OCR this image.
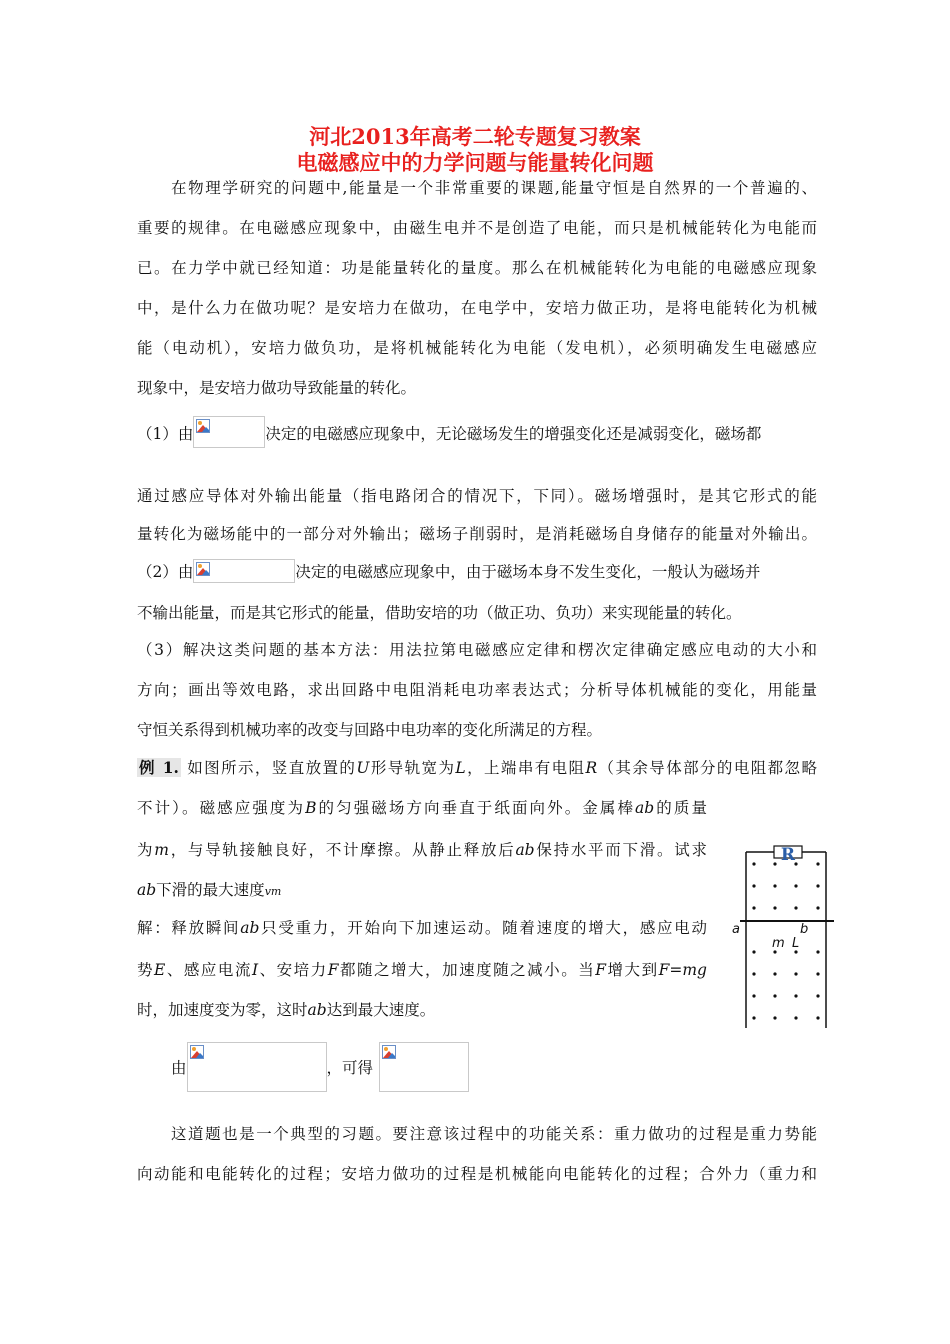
河北2013年高考二轮专题复习教案
电磁感应中的力学问题与能量转化问题
在物理学研究的问题中,能量是一个非常重要的课题,能量守恒是自然界的一个普遍的、
重要的规律。在电磁感应现象中，由磁生电并不是创造了电能，而只是机械能转化为电能而
已。在力学中就已经知道：功是能量转化的量度。那么在机械能转化为电能的电磁感应现象
中，是什么力在做功呢？是安培力在做功，在电学中，安培力做正功，是将电能转化为机械
能（电动机），安培力做负功，是将机械能转化为电能（发电机），必须明确发生电磁感应
现象中，是安培力做功导致能量的转化。
（1）由	决定的电磁感应现象中，无论磁场发生的增强变化还是减弱变化，磁场都
通过感应导体对外输出能量（指电路闭合的情况下，下同）。磁场增强时，是其它形式的能
量转化为磁场能中的一部分对外输出；磁场子削弱时，是消耗磁场自身储存的能量对外输出。
（2）由	决定的电磁感应现象中，由于磁场本身不发生变化，一般认为磁场并
不输出能量，而是其它形式的能量，借助安培的功（做正功、负功）来实现能量的转化。
（3）解决这类问题的基本方法：用法拉第电磁感应定律和楞次定律确定感应电动的大小和
方向；画出等效电路，求出回路中电阻消耗电功率表达式；分析导体机械能的变化，用能量
守恒关系得到机械功率的改变与回路中电功率的变化所满足的方程。
例 1. 如图所示，竖直放置的U形导轨宽为L，上端串有电阻R（其余导体部分的电阻都忽略
不计）。磁感应强度为B的匀强磁场方向垂直于纸面向外。金属棒ab的质量
为m，与导轨接触良好，不计摩擦。从静止释放后ab保持水平而下滑。试求
ab下滑的最大速度vm
解：释放瞬间ab只受重力，开始向下加速运动。随着速度的增大，感应电动
势E、感应电流I、安培力F都随之增大，加速度随之减小。当F增大到F=mg
时，加速度变为零，这时ab达到最大速度。
由	，可得
这道题也是一个典型的习题。要注意该过程中的功能关系：重力做功的过程是重力势能
向动能和电能转化的过程；安培力做功的过程是机械能向电能转化的过程；合外力（重力和
R
a	b
m L
